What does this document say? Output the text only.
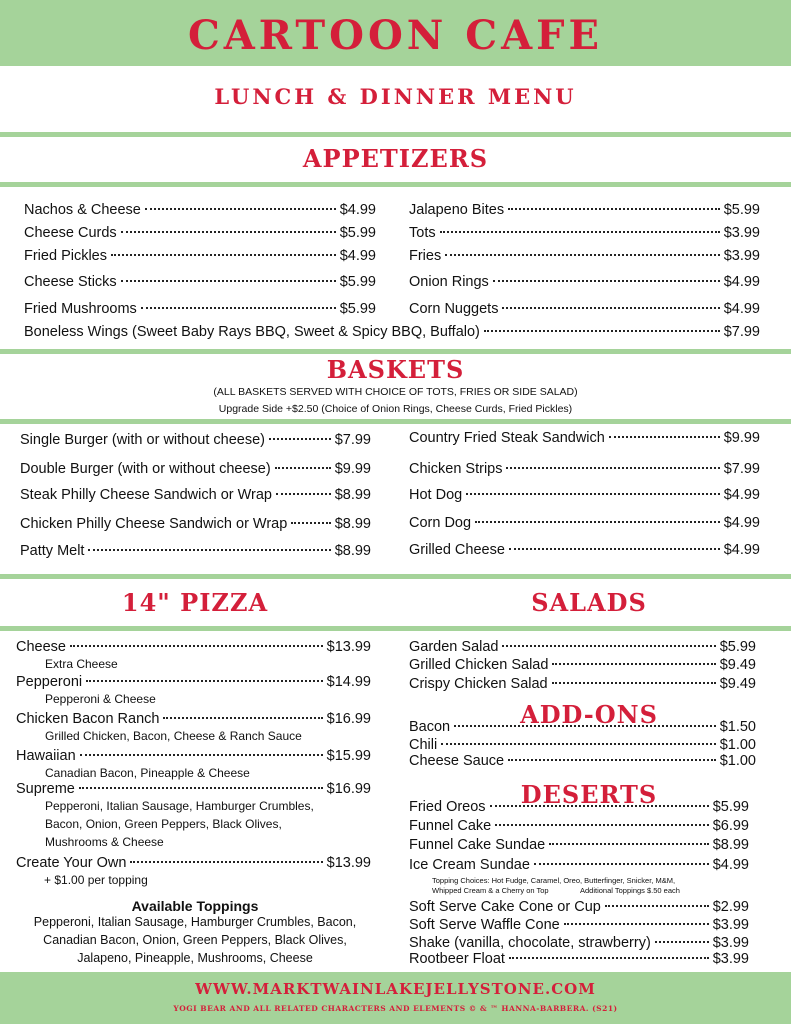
CARTOON CAFE
LUNCH & DINNER MENU
APPETIZERS
Nachos & Cheese	$4.99
Cheese Curds	$5.99
Fried Pickles	$4.99
Cheese Sticks	$5.99
Fried Mushrooms	$5.99
Jalapeno Bites	$5.99
Tots	$3.99
Fries	$3.99
Onion Rings	$4.99
Corn Nuggets	$4.99
Boneless Wings (Sweet Baby Rays BBQ, Sweet & Spicy BBQ, Buffalo)	$7.99
BASKETS
(ALL BASKETS SERVED WITH CHOICE OF TOTS, FRIES OR SIDE SALAD)
Upgrade Side +$2.50 (Choice of Onion Rings, Cheese Curds, Fried Pickles)
Single Burger (with or without cheese)	$7.99
Double Burger (with or without cheese)	$9.99
Steak Philly Cheese Sandwich or Wrap	$8.99
Chicken Philly Cheese Sandwich or Wrap	$8.99
Patty Melt	$8.99
Country Fried Steak Sandwich	$9.99
Chicken Strips	$7.99
Hot Dog	$4.99
Corn Dog	$4.99
Grilled Cheese	$4.99
14" PIZZA	SALADS
Cheese	$13.99
Extra Cheese
Pepperoni	$14.99
Pepperoni & Cheese
Chicken Bacon Ranch	$16.99
Grilled Chicken, Bacon, Cheese & Ranch Sauce
Hawaiian	$15.99
Canadian Bacon, Pineapple & Cheese
Supreme	$16.99
Pepperoni, Italian Sausage, Hamburger Crumbles,
Bacon, Onion, Green Peppers, Black Olives,
Mushrooms & Cheese
Create Your Own	$13.99
+ $1.00 per topping
Available Toppings
Pepperoni, Italian Sausage, Hamburger Crumbles, Bacon,
Canadian Bacon, Onion, Green Peppers, Black Olives,
Jalapeno, Pineapple, Mushrooms, Cheese
Garden Salad	$5.99
Grilled Chicken Salad	$9.49
Crispy Chicken Salad	$9.49
ADD-ONS
Bacon	$1.50
Chili	$1.00
Cheese Sauce	$1.00
DESERTS
Fried Oreos	$5.99
Funnel Cake	$6.99
Funnel Cake Sundae	$8.99
Ice Cream Sundae	$4.99
Soft Serve Cake Cone or Cup	$2.99
Soft Serve Waffle Cone	$3.99
Shake (vanilla, chocolate, strawberry)	$3.99
Rootbeer Float	$3.99
Topping Choices: Hot Fudge, Caramel, Oreo, Butterfinger, Snicker, M&M,
Whipped Cream & a Cherry on Top	Additional Toppings $.50 each
WWW.MARKTWAINLAKEJELLYSTONE.COM
YOGI BEAR AND ALL RELATED CHARACTERS AND ELEMENTS © & ™ HANNA-BARBERA. (S21)
